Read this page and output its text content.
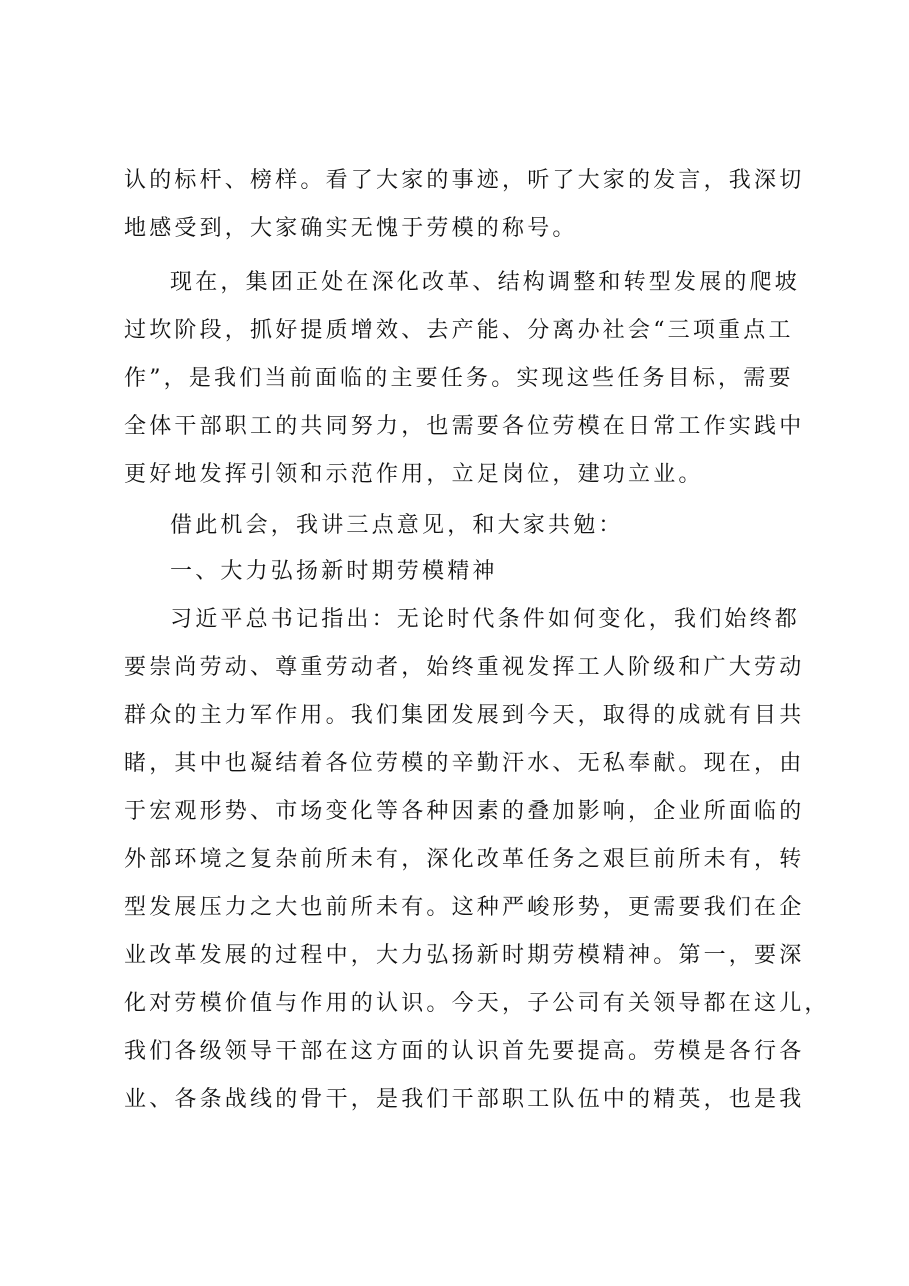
认的标杆、榜样。看了大家的事迹，听了大家的发言，我深切
地感受到，大家确实无愧于劳模的称号。
现在，集团正处在深化改革、结构调整和转型发展的爬坡
过坎阶段，抓好提质增效、去产能、分离办社会“三项重点工
作”，是我们当前面临的主要任务。实现这些任务目标，需要
全体干部职工的共同努力，也需要各位劳模在日常工作实践中
更好地发挥引领和示范作用，立足岗位，建功立业。
借此机会，我讲三点意见，和大家共勉：
一、大力弘扬新时期劳模精神
习近平总书记指出：无论时代条件如何变化，我们始终都
要崇尚劳动、尊重劳动者，始终重视发挥工人阶级和广大劳动
群众的主力军作用。我们集团发展到今天，取得的成就有目共
睹，其中也凝结着各位劳模的辛勤汗水、无私奉献。现在，由
于宏观形势、市场变化等各种因素的叠加影响，企业所面临的
外部环境之复杂前所未有，深化改革任务之艰巨前所未有，转
型发展压力之大也前所未有。这种严峻形势，更需要我们在企
业改革发展的过程中，大力弘扬新时期劳模精神。第一，要深
化对劳模价值与作用的认识。今天，子公司有关领导都在这儿，
我们各级领导干部在这方面的认识首先要提高。劳模是各行各
业、各条战线的骨干，是我们干部职工队伍中的精英，也是我
